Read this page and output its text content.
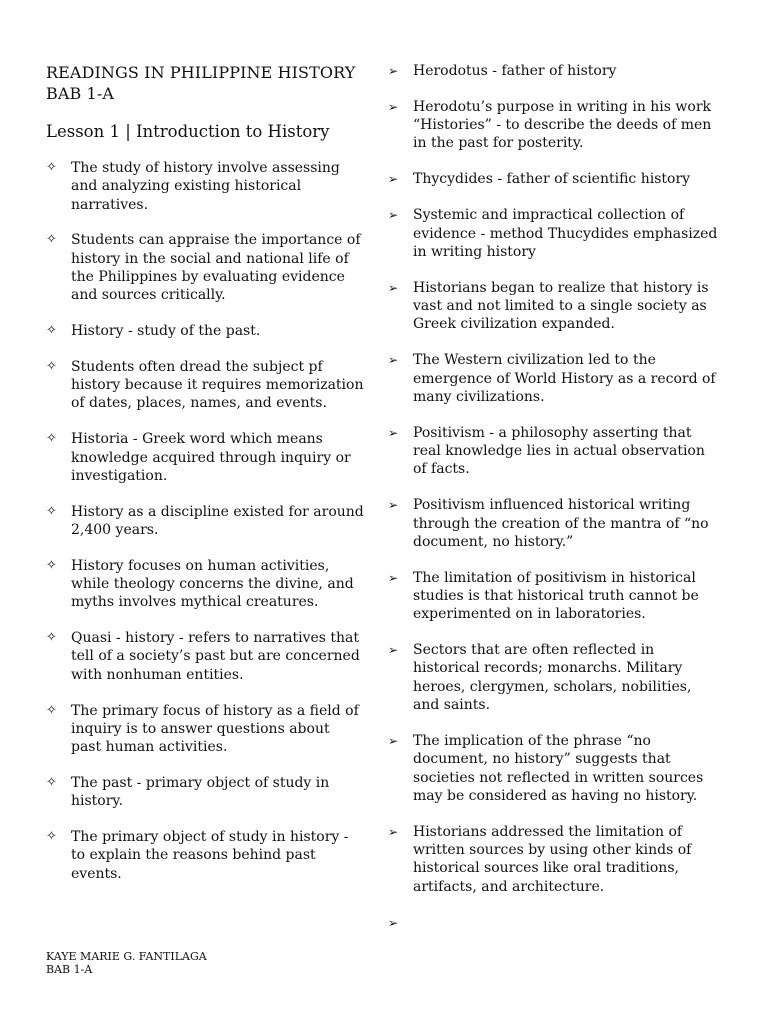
READINGS IN PHILIPPINE HISTORY
BAB 1-A
Lesson 1 | Introduction to History
✧ The study of history involve assessing and analyzing existing historical narratives.
✧ Students can appraise the importance of history in the social and national life of the Philippines by evaluating evidence and sources critically.
✧ History - study of the past.
✧ Students often dread the subject pf history because it requires memorization of dates, places, names, and events.
✧ Historia - Greek word which means knowledge acquired through inquiry or investigation.
✧ History as a discipline existed for around 2,400 years.
✧ History focuses on human activities, while theology concerns the divine, and myths involves mythical creatures.
✧ Quasi - history - refers to narratives that tell of a society’s past but are concerned with nonhuman entities.
✧ The primary focus of history as a field of inquiry is to answer questions about past human activities.
✧ The past - primary object of study in history.
✧ The primary object of study in history - to explain the reasons behind past events.
➢ Herodotus - father of history
➢ Herodotu’s purpose in writing in his work “Histories” - to describe the deeds of men in the past for posterity.
➢ Thycydides - father of scientific history
➢ Systemic and impractical collection of evidence - method Thucydides emphasized in writing history
➢ Historians began to realize that history is vast and not limited to a single society as Greek civilization expanded.
➢ The Western civilization led to the emergence of World History as a record of many civilizations.
➢ Positivism - a philosophy asserting that real knowledge lies in actual observation of facts.
➢ Positivism influenced historical writing through the creation of the mantra of “no document, no history.”
➢ The limitation of positivism in historical studies is that historical truth cannot be experimented on in laboratories.
➢ Sectors that are often reflected in historical records; monarchs. Military heroes, clergymen, scholars, nobilities, and saints.
➢ The implication of the phrase “no document, no history” suggests that societies not reflected in written sources may be considered as having no history.
➢ Historians addressed the limitation of written sources by using other kinds of historical sources like oral traditions, artifacts, and architecture.
➢
KAYE MARIE G. FANTILAGA
BAB 1-A
